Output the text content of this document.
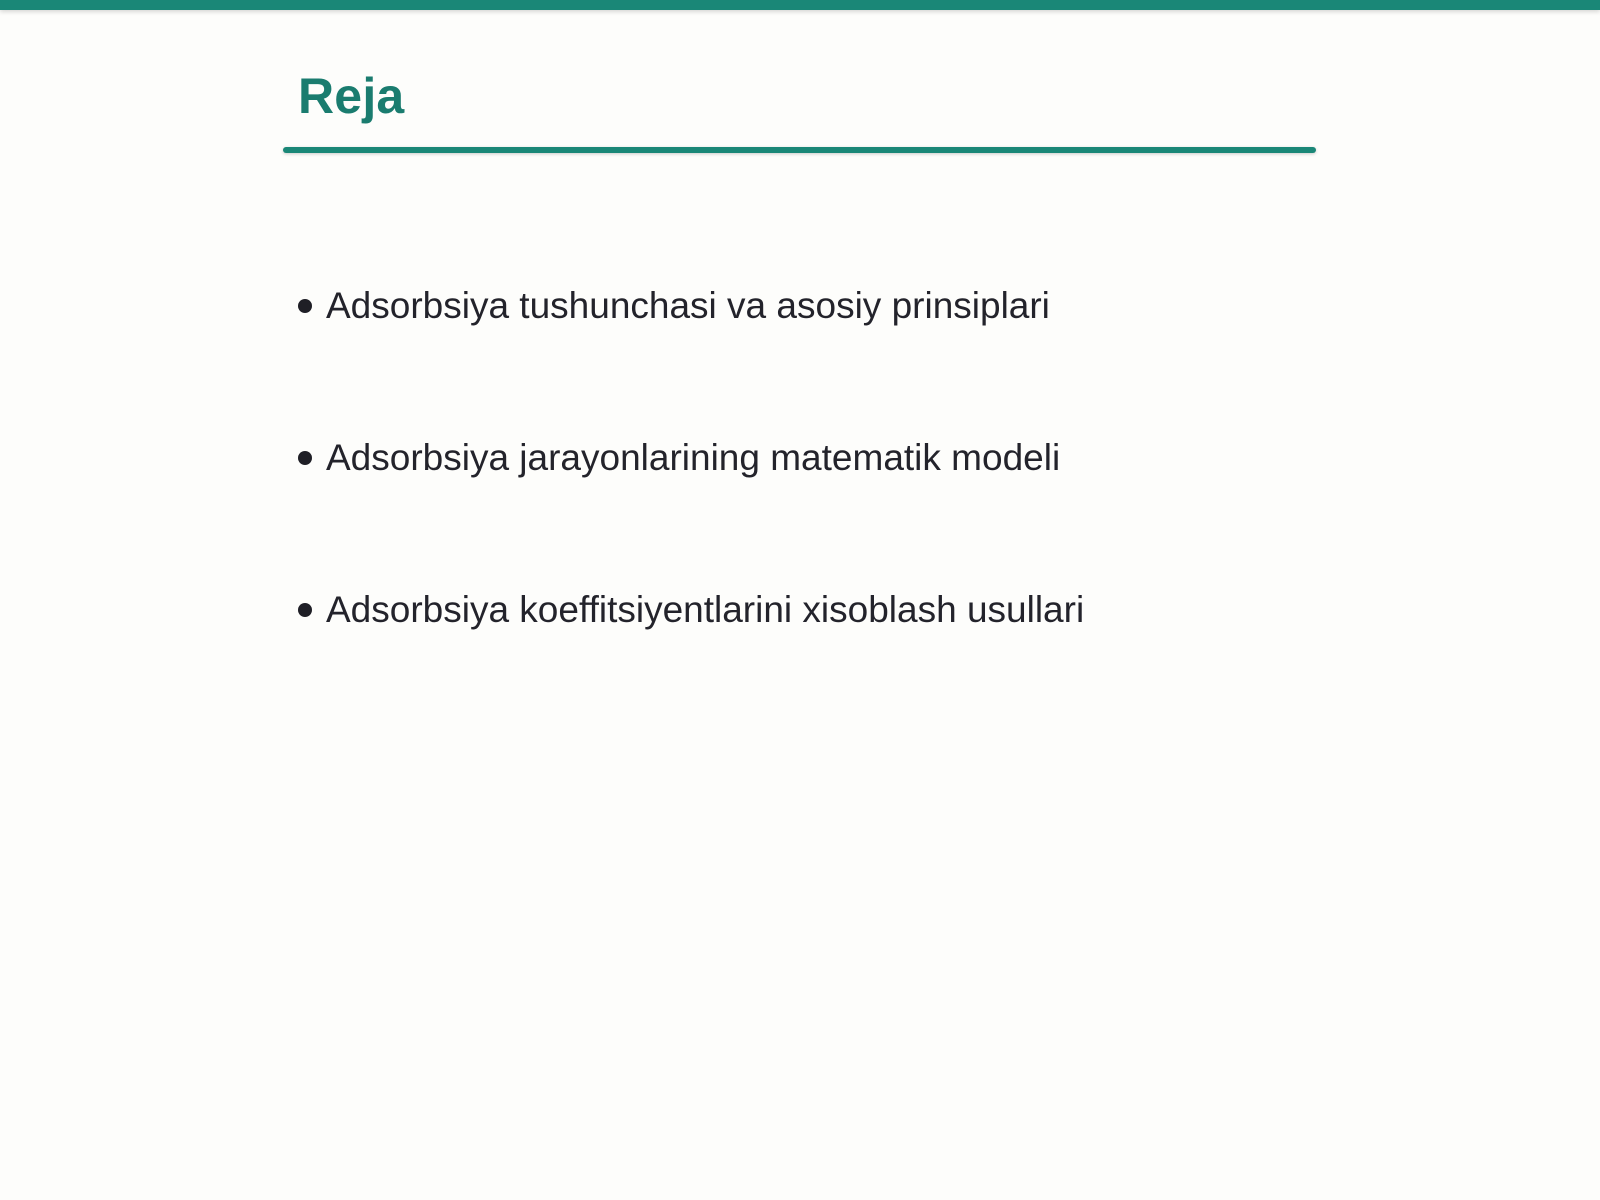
Reja
Adsorbsiya tushunchasi va asosiy prinsiplari
Adsorbsiya jarayonlarining matematik modeli
Adsorbsiya koeffitsiyentlarini xisoblash usullari
